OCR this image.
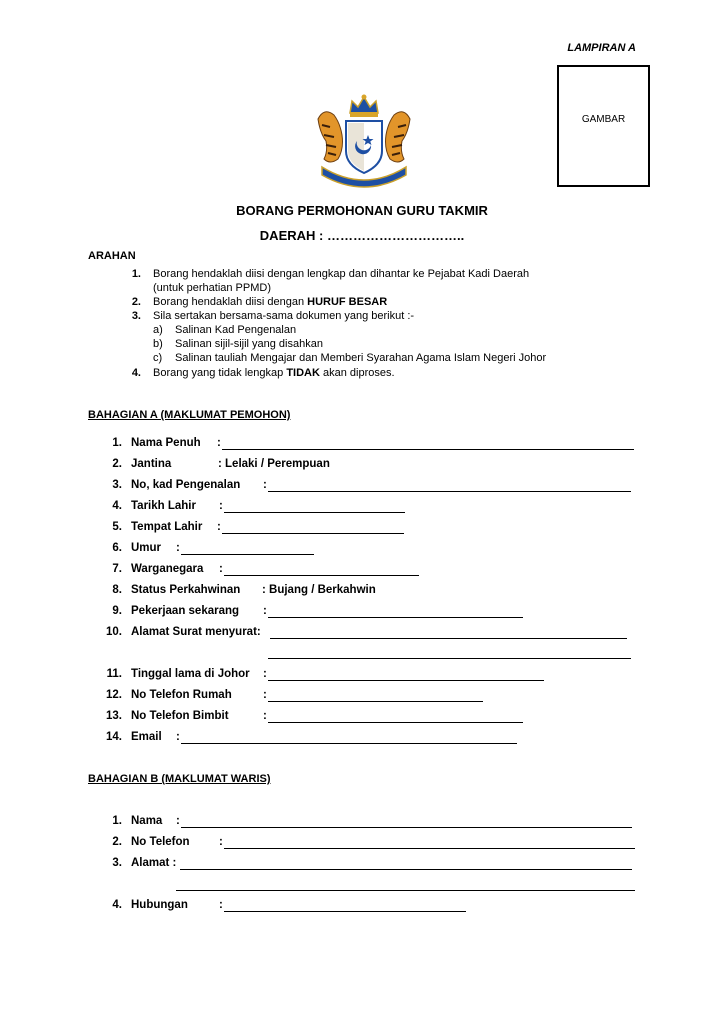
LAMPIRAN A
GAMBAR
BORANG PERMOHONAN GURU TAKMIR
DAERAH : …………………………..
ARAHAN
1. Borang hendaklah diisi dengan lengkap dan dihantar ke Pejabat Kadi Daerah
(untuk perhatian PPMD)
2. Borang hendaklah diisi dengan HURUF BESAR
3. Sila sertakan bersama-sama dokumen yang berikut :-
a) Salinan Kad Pengenalan
b) Salinan sijil-sijil yang disahkan
c) Salinan tauliah Mengajar dan Memberi Syarahan Agama Islam Negeri Johor
4. Borang yang tidak lengkap TIDAK akan diproses.
BAHAGIAN A (MAKLUMAT PEMOHON)
1. Nama Penuh :
2. Jantina	: Lelaki / Perempuan
3. No, kad Pengenalan :
4. Tarikh Lahir :
5. Tempat Lahir :
6. Umur :
7. Warganegara :
8. Status Perkahwinan : Bujang / Berkahwin
9. Pekerjaan sekarang :
10. Alamat Surat menyurat:
11. Tinggal lama di Johor :
12. No Telefon Rumah	:
13. No Telefon Bimbit	:
14. Email :
BAHAGIAN B (MAKLUMAT WARIS)
1. Nama :
2. No Telefon	:
3. Alamat :
4. Hubungan	:
